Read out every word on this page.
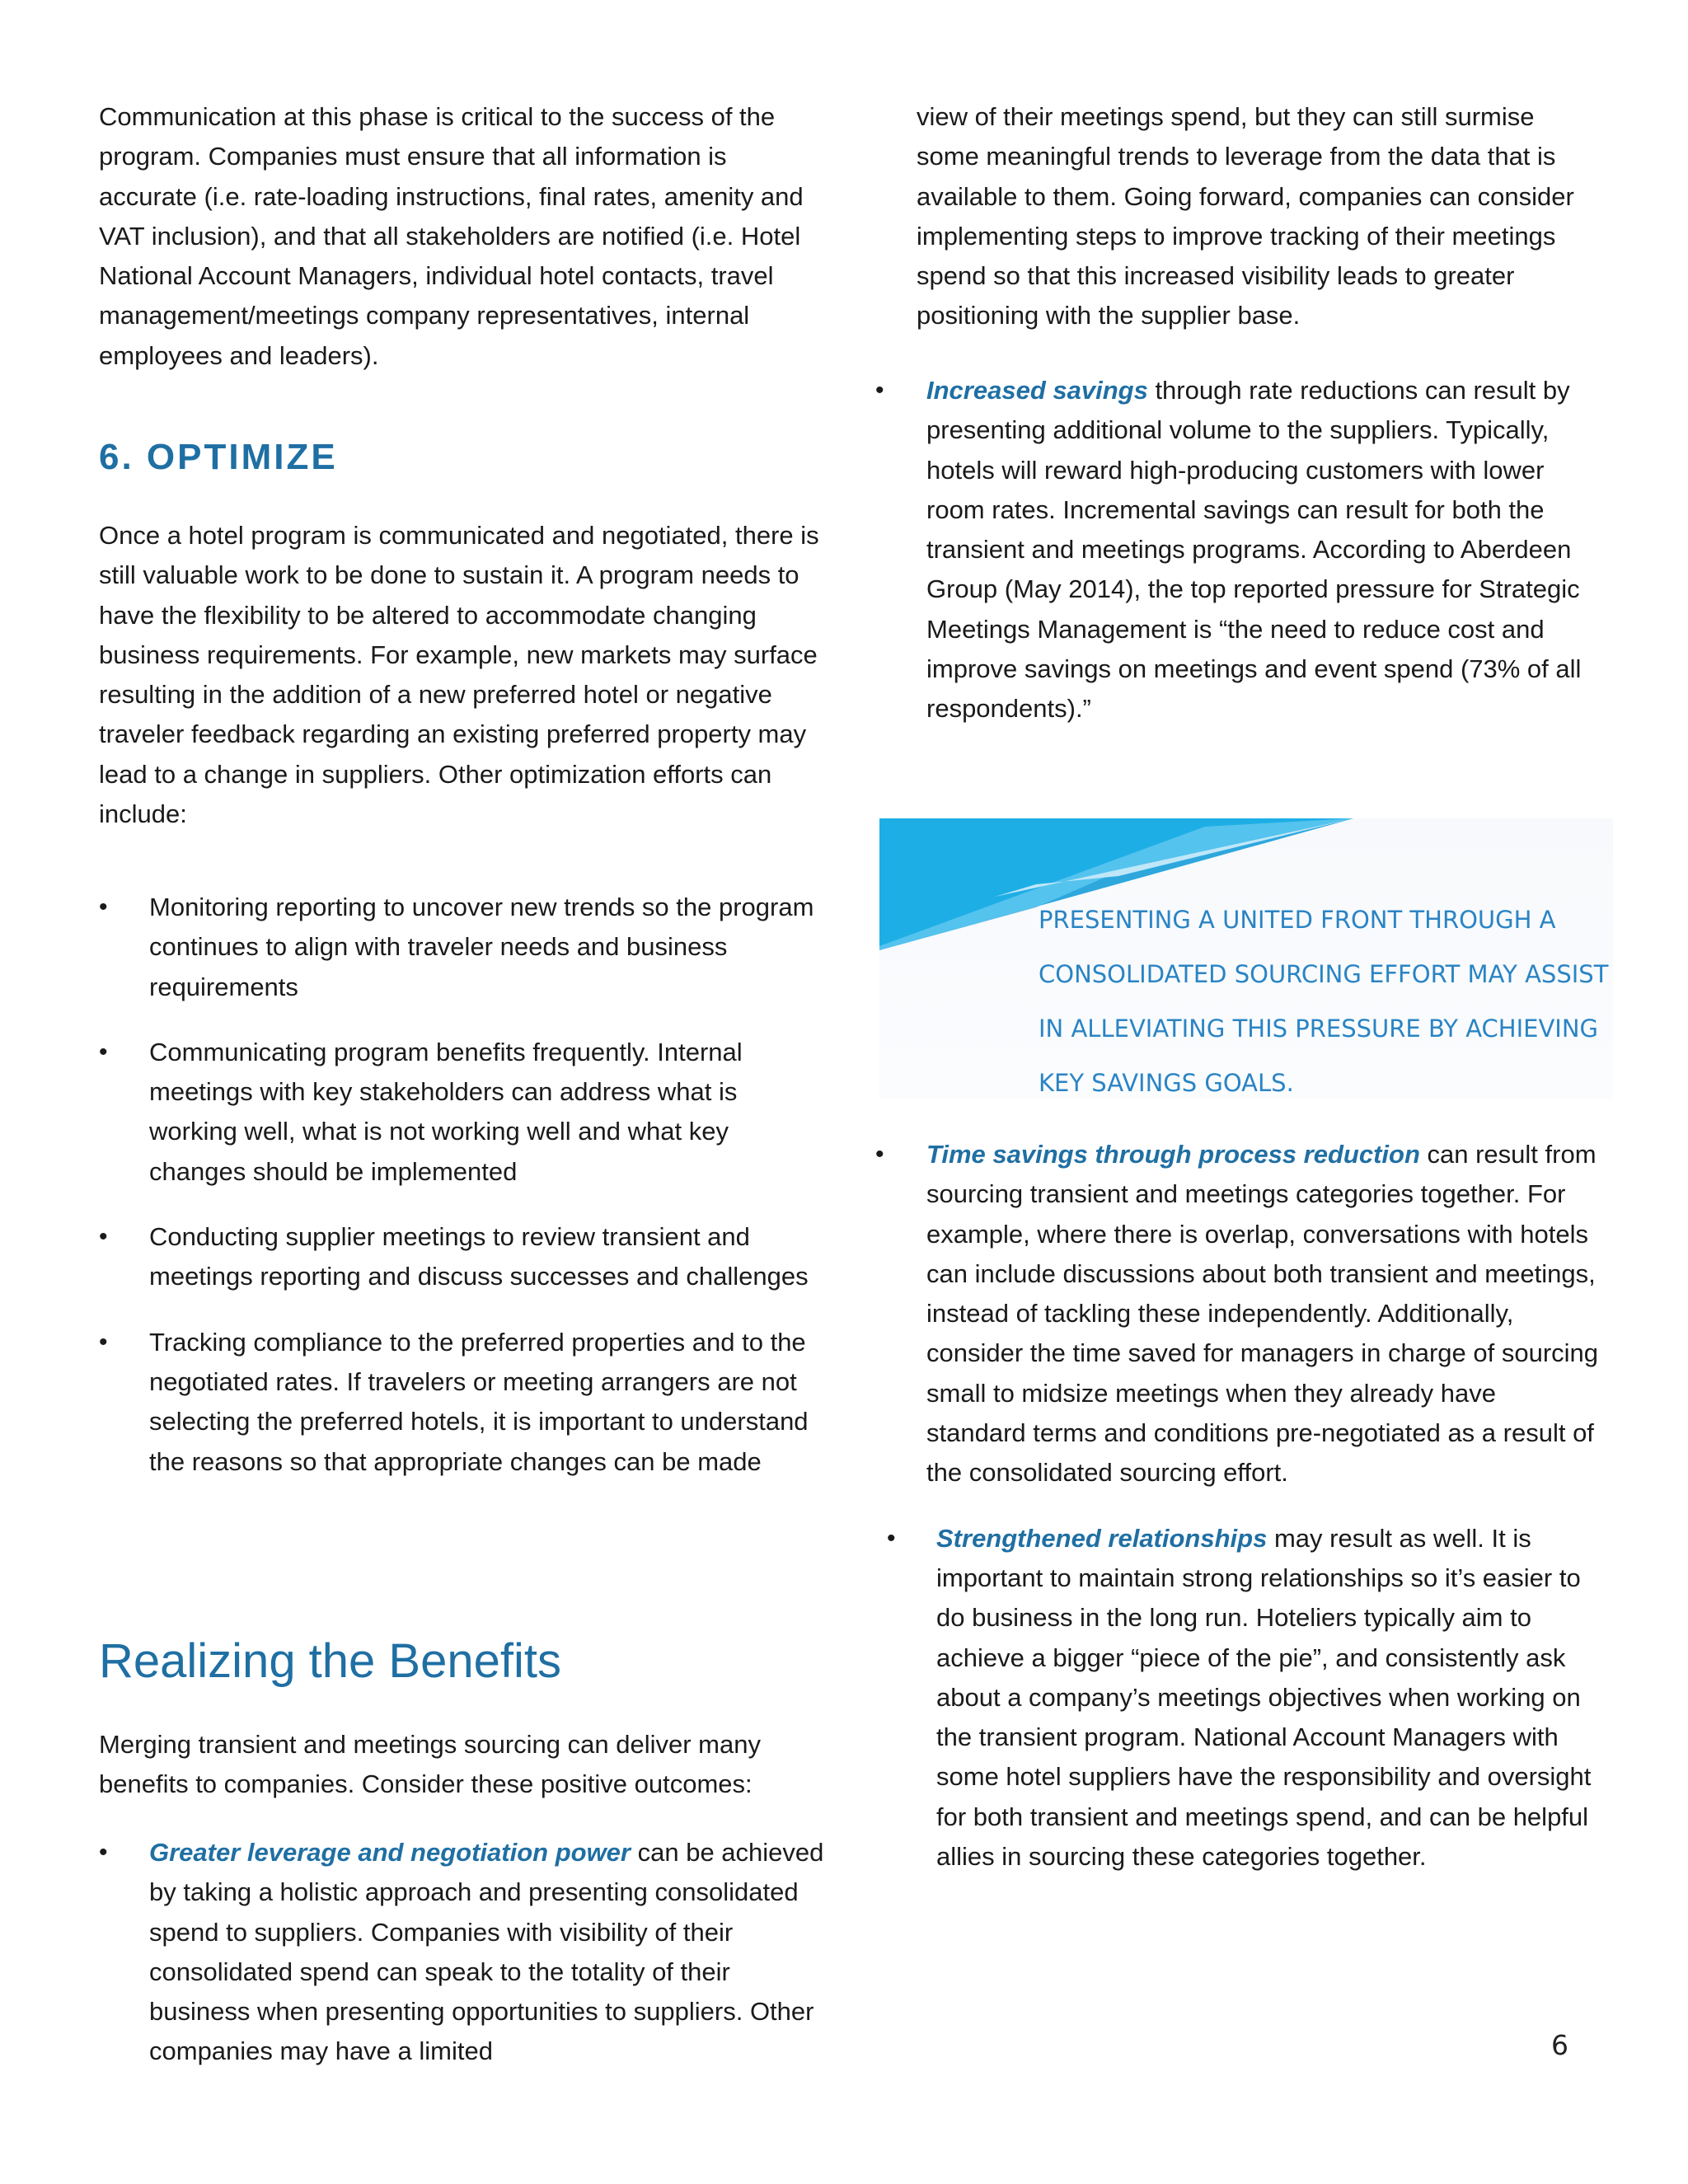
Communication at this phase is critical to the success of the program. Companies must ensure that all information is accurate (i.e. rate-loading instructions, final rates, amenity and VAT inclusion), and that all stakeholders are notified (i.e. Hotel National Account Managers, individual hotel contacts, travel management/meetings company representatives, internal employees and leaders).

6. OPTIMIZE

Once a hotel program is communicated and negotiated, there is still valuable work to be done to sustain it. A program needs to have the flexibility to be altered to accommodate changing business requirements. For example, new markets may surface resulting in the addition of a new preferred hotel or negative traveler feedback regarding an existing preferred property may lead to a change in suppliers. Other optimization efforts can include:

• Monitoring reporting to uncover new trends so the program continues to align with traveler needs and business requirements
• Communicating program benefits frequently. Internal meetings with key stakeholders can address what is working well, what is not working well and what key changes should be implemented
• Conducting supplier meetings to review transient and meetings reporting and discuss successes and challenges
• Tracking compliance to the preferred properties and to the negotiated rates. If travelers or meeting arrangers are not selecting the preferred hotels, it is important to understand the reasons so that appropriate changes can be made
Realizing the Benefits

Merging transient and meetings sourcing can deliver many benefits to companies. Consider these positive outcomes:

• Greater leverage and negotiation power can be achieved by taking a holistic approach and presenting consolidated spend to suppliers. Companies with visibility of their consolidated spend can speak to the totality of their business when presenting opportunities to suppliers. Other companies may have a limited

view of their meetings spend, but they can still surmise some meaningful trends to leverage from the data that is available to them. Going forward, companies can consider implementing steps to improve tracking of their meetings spend so that this increased visibility leads to greater positioning with the supplier base.

• Increased savings through rate reductions can result by presenting additional volume to the suppliers. Typically, hotels will reward high-producing customers with lower room rates. Incremental savings can result for both the transient and meetings programs. According to Aberdeen Group (May 2014), the top reported pressure for Strategic Meetings Management is “the need to reduce cost and improve savings on meetings and event spend (73% of all respondents).”
PRESENTING A UNITED FRONT THROUGH A CONSOLIDATED SOURCING EFFORT MAY ASSIST IN ALLEVIATING THIS PRESSURE BY ACHIEVING KEY SAVINGS GOALS.
• Time savings through process reduction can result from sourcing transient and meetings categories together. For example, where there is overlap, conversations with hotels can include discussions about both transient and meetings, instead of tackling these independently. Additionally, consider the time saved for managers in charge of sourcing small to midsize meetings when they already have standard terms and conditions pre-negotiated as a result of the consolidated sourcing effort.
• Strengthened relationships may result as well. It is important to maintain strong relationships so it’s easier to do business in the long run. Hoteliers typically aim to achieve a bigger “piece of the pie”, and consistently ask about a company’s meetings objectives when working on the transient program. National Account Managers with some hotel suppliers have the responsibility and oversight for both transient and meetings spend, and can be helpful allies in sourcing these categories together.
6
